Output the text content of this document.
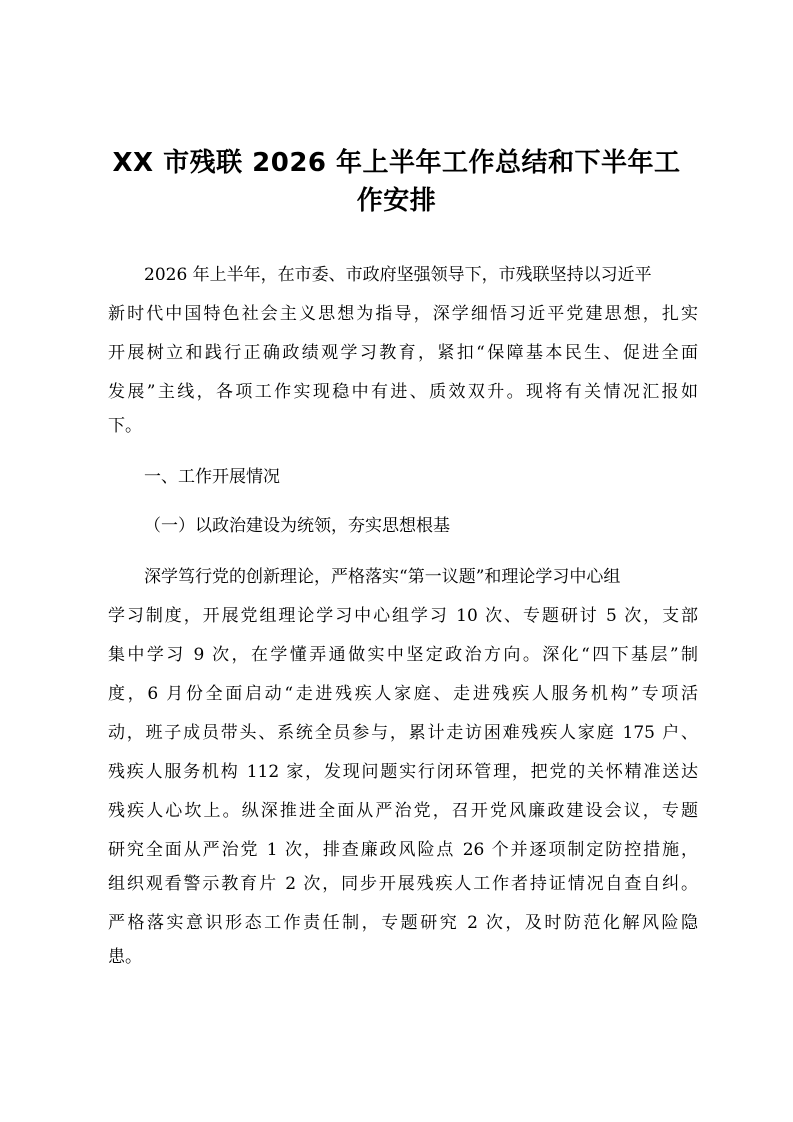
XX 市残联 2026 年上半年工作总结和下半年工
作安排
2026 年上半年，在市委、市政府坚强领导下，市残联坚持以习近平
新时代中国特色社会主义思想为指导，深学细悟习近平党建思想，扎实
开展树立和践行正确政绩观学习教育，紧扣“保障基本民生、促进全面
发展”主线，各项工作实现稳中有进、质效双升。现将有关情况汇报如
下。
一、工作开展情况
（一）以政治建设为统领，夯实思想根基
深学笃行党的创新理论，严格落实“第一议题”和理论学习中心组
学习制度，开展党组理论学习中心组学习 10 次、专题研讨 5 次，支部
集中学习 9 次，在学懂弄通做实中坚定政治方向。深化“四下基层”制
度，6 月份全面启动“走进残疾人家庭、走进残疾人服务机构”专项活
动，班子成员带头、系统全员参与，累计走访困难残疾人家庭 175 户、
残疾人服务机构 112 家，发现问题实行闭环管理，把党的关怀精准送达
残疾人心坎上。纵深推进全面从严治党，召开党风廉政建设会议，专题
研究全面从严治党 1 次，排查廉政风险点 26 个并逐项制定防控措施，
组织观看警示教育片 2 次，同步开展残疾人工作者持证情况自查自纠。
严格落实意识形态工作责任制，专题研究 2 次，及时防范化解风险隐
患。
